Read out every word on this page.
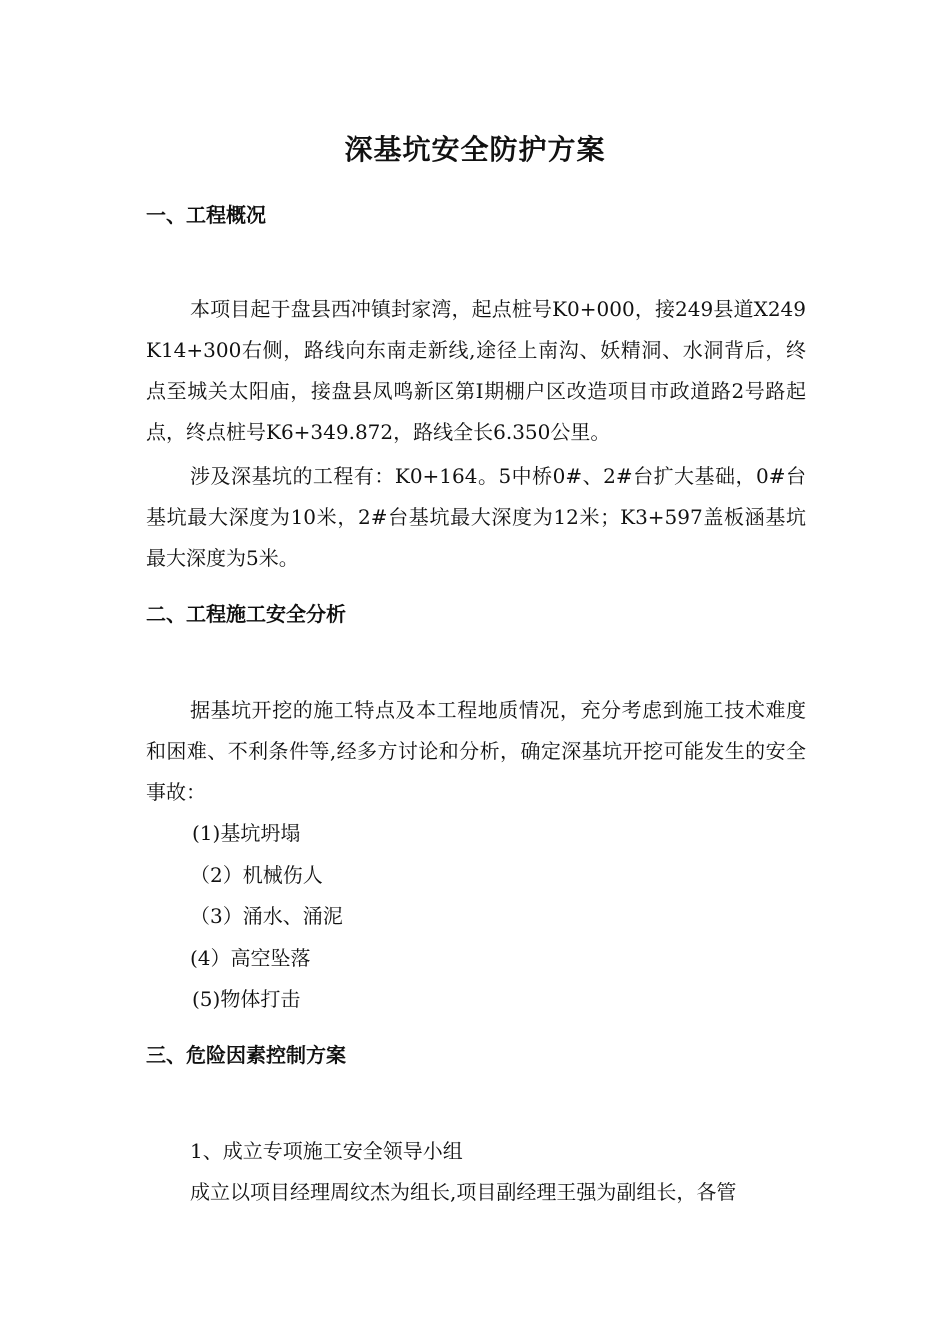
深基坑安全防护方案
一、工程概况

本项目起于盘县西冲镇封家湾，起点桩号K0+000，接249县道X249K14+300右侧，路线向东南走新线,途径上南沟、妖精洞、水洞背后，终点至城关太阳庙，接盘县凤鸣新区第Ⅰ期棚户区改造项目市政道路2号路起点，终点桩号K6+349.872，路线全长6.350公里。

涉及深基坑的工程有：K0+164。5中桥0#、2#台扩大基础，0#台基坑最大深度为10米，2#台基坑最大深度为12米；K3+597盖板涵基坑最大深度为5米。

二、工程施工安全分析

据基坑开挖的施工特点及本工程地质情况，充分考虑到施工技术难度和困难、不利条件等,经多方讨论和分析，确定深基坑开挖可能发生的安全事故：

(1)基坑坍塌
（2）机械伤人
（3）涌水、涌泥
(4）高空坠落
(5)物体打击
三、危险因素控制方案
1、成立专项施工安全领导小组

成立以项目经理周纹杰为组长,项目副经理王强为副组长，各管
